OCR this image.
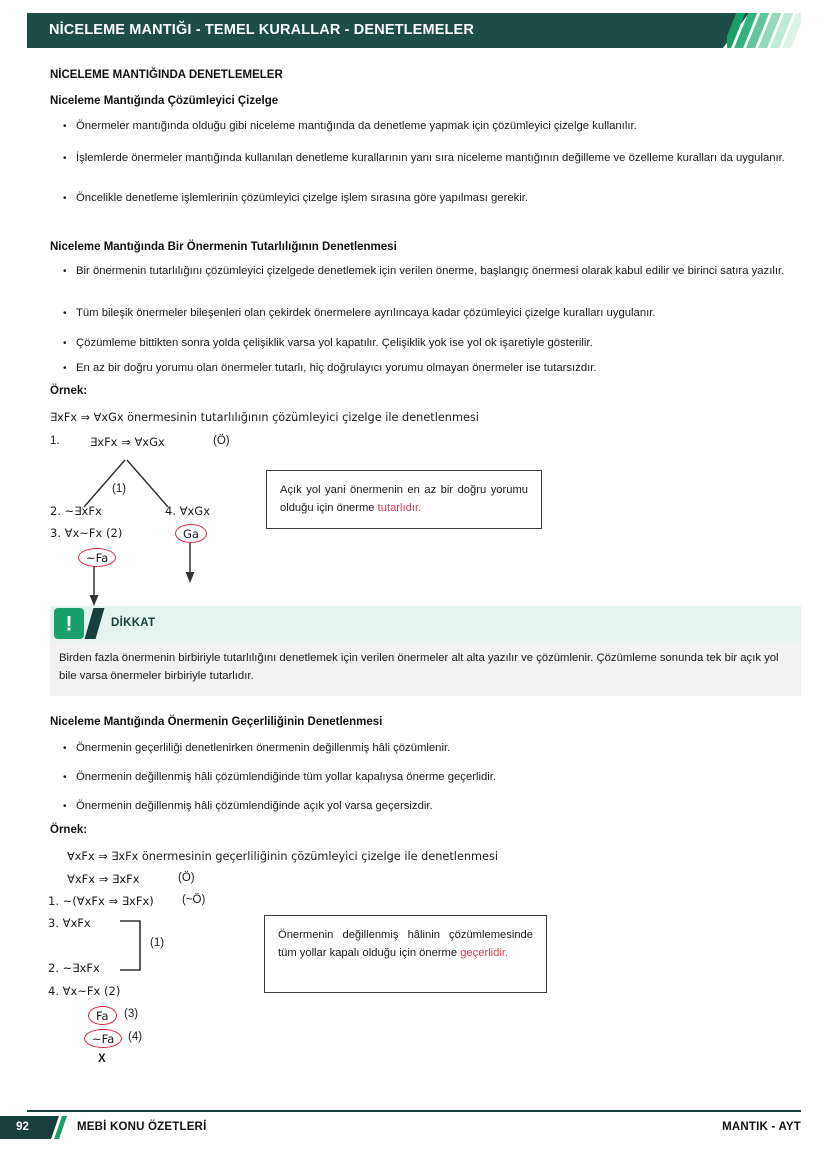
NİCELEME MANTIĞI - TEMEL KURALLAR - DENETLEMELER
NİCELEME MANTIĞINDA DENETLEMELER
Niceleme Mantığında Çözümleyici Çizelge
• Önermeler mantığında olduğu gibi niceleme mantığında da denetleme yapmak için çözümleyici çizelge kullanılır.
• İşlemlerde önermeler mantığında kullanılan denetleme kurallarının yanı sıra niceleme mantığının değilleme ve özelleme kuralları da uygulanır.
• Öncelikle denetleme işlemlerinin çözümleyici çizelge işlem sırasına göre yapılması gerekir.
Niceleme Mantığında Bir Önermenin Tutarlılığının Denetlenmesi
• Bir önermenin tutarlılığını çözümleyici çizelgede denetlemek için verilen önerme, başlangıç önermesi olarak kabul edilir ve birinci satıra yazılır.
• Tüm bileşik önermeler bileşenleri olan çekirdek önermelere ayrılıncaya kadar çözümleyici çizelge kuralları uygulanır.
• Çözümleme bittikten sonra yolda çelişiklik varsa yol kapatılır. Çelişiklik yok ise yol ok işaretiyle gösterilir.
• En az bir doğru yorumu olan önermeler tutarlı, hiç doğrulayıcı yorumu olmayan önermeler ise tutarsızdır.
Örnek:
∃xFx ⇒ ∀xGx önermesinin tutarlılığının çözümleyici çizelge ile denetlenmesi
1.	∃xFx ⇒ ∀xGx	(Ö)
(1)
2. ~∃xFx	4. ∀xGx
3. ∀x~Fx (2)
~Fa
Ga
Açık yol yani önermenin en az bir doğru yorumu olduğu için önerme tutarlıdır.
!	DİKKAT
Birden fazla önermenin birbiriyle tutarlılığını denetlemek için verilen önermeler alt alta yazılır ve çözümlenir. Çözümleme sonunda tek bir açık yol bile varsa önermeler birbiriyle tutarlıdır.
Niceleme Mantığında Önermenin Geçerliliğinin Denetlenmesi
• Önermenin geçerliliği denetlenirken önermenin değillenmiş hâli çözümlenir.
• Önermenin değillenmiş hâli çözümlendiğinde tüm yollar kapalıysa önerme geçerlidir.
• Önermenin değillenmiş hâli çözümlendiğinde açık yol varsa geçersizdir.
Örnek:
∀xFx ⇒ ∃xFx önermesinin geçerliliğinin çözümleyici çizelge ile denetlenmesi
∀xFx ⇒ ∃xFx	(Ö)
1. ~(∀xFx ⇒ ∃xFx) (~Ö)
3. ∀xFx
2. ~∃xFx
(1)
4. ∀x~Fx (2)
Fa	(3)
~Fa	(4)
X
Önermenin değillenmiş hâlinin çözümlemesinde tüm yollar kapalı olduğu için önerme geçerlidir.
92	MEBİ KONU ÖZETLERİ	MANTIK - AYT
